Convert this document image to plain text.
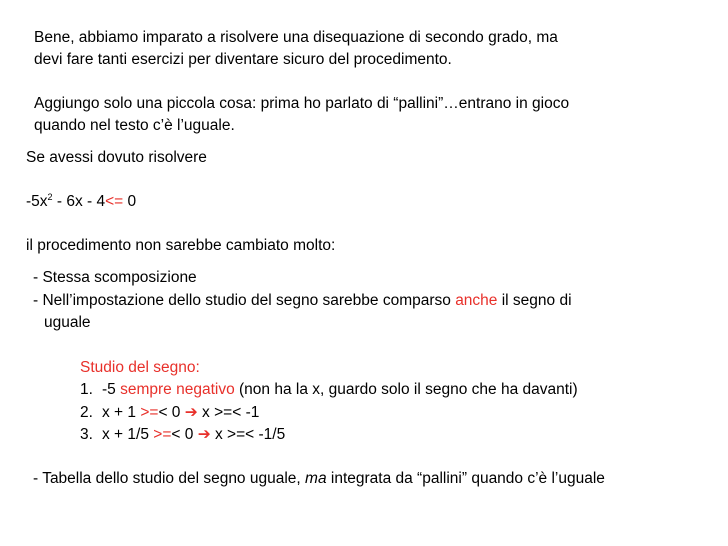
Bene, abbiamo imparato a risolvere una disequazione di secondo grado, ma
devi fare tanti esercizi per diventare sicuro del procedimento.
Aggiungo solo una piccola cosa: prima ho parlato di “pallini”…entrano in gioco
quando nel testo c’è l’uguale.
Se avessi dovuto risolvere
$-5x^2 - 6x - 4<= 0$
il procedimento non sarebbe cambiato molto:
- Stessa scomposizione
- Nell’impostazione dello studio del segno sarebbe comparso anche il segno di
uguale
Studio del segno:
1. -5 sempre negativo (non ha la x, guardo solo il segno che ha davanti)
2. x + 1 >=< 0 ➔ x >=< -1
3. x + 1/5 >=< 0 ➔ x >=< -1/5
- Tabella dello studio del segno uguale, ma integrata da “pallini” quando c’è l’uguale
